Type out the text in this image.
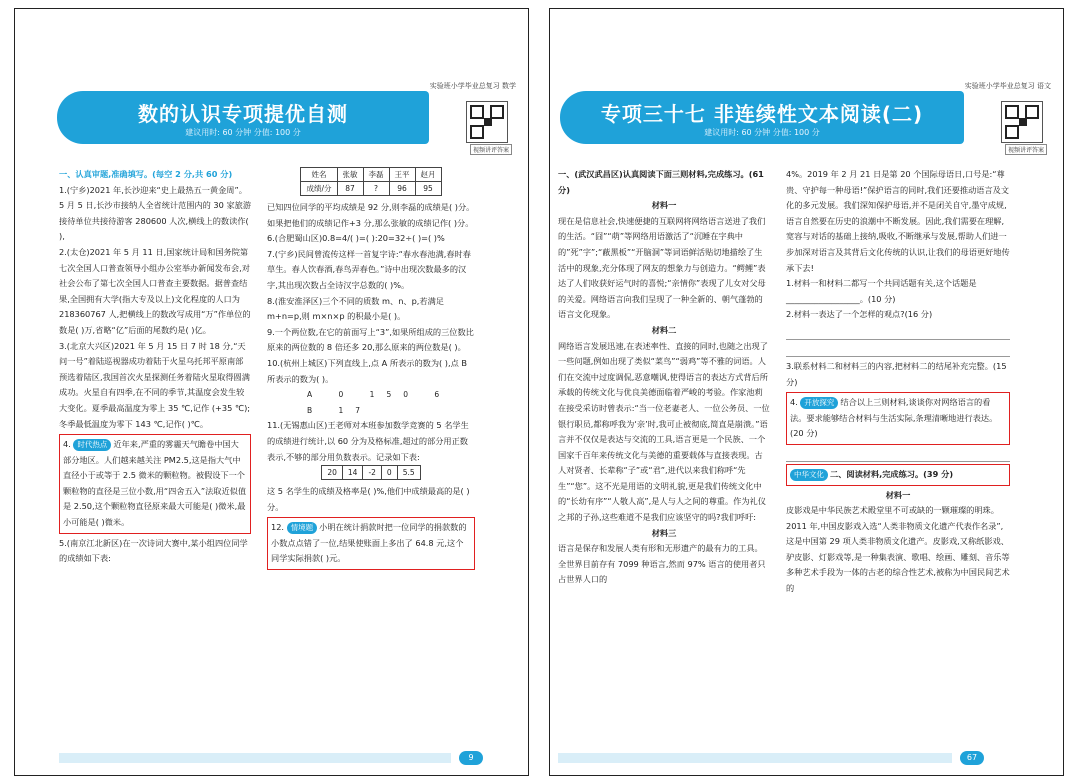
实验班小学毕业总复习 数学
数的认识专项提优自测
建议用时: 60 分钟 分值: 100 分
视频讲评答案

一、认真审题,准确填写。(每空 2 分,共 60 分)

1.(宁乡)2021 年,长沙迎来“史上最热五一黄金周”。5 月 5 日,长沙市接纳人全省统计范围内的 30 家旅游接待单位共接待游客 280600 人次,横线上的数读作( ),

2.(太仓)2021 年 5 月 11 日,国家统计局和国务院第七次全国人口普查领导小组办公室举办新闻发布会,对社会公布了第七次全国人口普查主要数据。据普查结果,全国拥有大学(指大专及以上)文化程度的人口为 218360767 人,把横线上的数改写成用“万”作单位的数是( )万,省略“亿”后面的尾数约是( )亿。

3.(北京大兴区)2021 年 5 月 15 日 7 时 18 分,“天问一号”着陆巡视器成功着陆于火星乌托邦平原南部预选着陆区,我国首次火星探测任务着陆火星取得圆满成功。火星自有四季,在不同的季节,其温度会发生较大变化。夏季最高温度为零上 35 ℃,记作 (+35 ℃);冬季最低温度为零下 143 ℃,记作( )℃。

4. 时代热点 近年来,严重的雾霾天气瞻卷中国大部分地区。人们越来越关注 PM2.5,这是指大气中直径小于或等于 2.5 微米的颗粒物。被假设下一个颗粒物的直径是三位小数,用“四舍五入”法取近似值是 2.50,这个颗粒物直径原来最大可能是( )微米,最小可能是( )微米。

5.(南京江北新区)在一次诗词大赛中,某小组四位同学的成绩如下表:

姓名	张敏	李磊	王平	赵月
成绩/分	87	?	96	95

已知四位同学的平均成绩是 92 分,则李磊的成绩是( )分。如果把他们的成绩记作+3 分,那么张敏的成绩记作( )分。

6.(合肥蜀山区)0.8=4/( )=( ):20=32÷( )=( )%

7.(宁乡)民间曾流传这样一首复字诗:“春水春池满,春时春草生。春人饮春酒,春鸟弄春色。”诗中出现次数最多的汉字,其出现次数占全诗汉字总数的( )%。

8.(淮安淮泽区)三个不同的质数 m、n、p,若满足 m+n=p,则 m×n×p 的积最小是( )。

9.一个两位数,在它的前面写上“3”,如果所组成的三位数比原来的两位数的 8 倍还多 20,那么原来的两位数是( )。

10.(杭州上城区)下列直线上,点 A 所表示的数为( ),点 B 所表示的数为( )。

A 0 150 6 B 17

11.(无锡惠山区)王老师对本班参加数学竞赛的 5 名学生的成绩进行统计,以 60 分为及格标准,超过的部分用正数表示,不够的部分用负数表示。记录如下表:

20	14	-2	0	5.5

这 5 名学生的成绩及格率是( )%,他们中成绩最高的是( )分。

12. 情境题 小明在统计捐款时把一位同学的捐款数的小数点点错了一位,结果使账面上多出了 64.8 元,这个同学实际捐款( )元。

9
实验班小学毕业总复习 语文
专项三十七 非连续性文本阅读(二)
建议用时: 60 分钟 分值: 100 分
视频讲评答案

一、(武汉武昌区)认真阅读下面三则材料,完成练习。(61 分)

材料一

现在是信息社会,快速便捷的互联网将网络语言送进了我们的生活。“囧”“萌”等网络用语激活了“沉睡在字典中的”死”字”;“蔽黑板”“开脑洞”等词语鲜活贴切地描绘了生活中的现象,充分体现了网友的想象力与创造力。“鳄鲤”表达了人们收获好运气时的喜悦;“亲情你”表现了儿女对父母的关爱。网络语言向我们呈现了一种全新的、朝气蓬勃的语言文化现象。

材料二

网络语言发展迅速,在表述率性、直接的同时,也随之出现了一些问题,例如出现了类似“菜鸟”“弱鸡”等不雅的词语。人们在交流中过度调侃,恶意嘲讽,使得语言的表达方式背后所承载的传统文化与优良美德面临着严峻的考验。作家池莉在接受采访时曾表示:“当一位老妻老人、一位公务员、一位银行职员,都称呼我为‘亲’时,我可止被彻底,简直是崩溃。”语言并不仅仅是表达与交流的工具,语言更是一个民族、一个国家千百年来传统文化与美德的重要载体与直接表现。古人对贤者、长辈称“子”或“君”,进代以来我们称呼“先生”“您”。这不光是用语的文明礼貌,更是我们传统文化中的“长幼有序”“人敬人高”,是人与人之间的尊重。作为礼仪之邦的子孙,这些难道不是我们应该坚守的吗?我们呼吁:

材料三

语言是保存和发展人类有形和无形遗产的最有力的工具。全世界目前存有 7099 种语言,然而 97% 语言的使用者只占世界人口的

4%。2019 年 2 月 21 日是第 20 个国际母语日,口号是:“尊贵、守护每一种母语!”保护语言的同时,我们还要推动语言及文化的多元发展。我们深知保护母语,并不是闭关自守,墨守成规,语言自然要在历史的浪潮中不断发展。因此,我们需要在理解,宽容与对话的基础上接纳,吸收,不断继承与发展,帮助人们进一步加深对语言及其背后文化传统的认识,让我们的母语更好地传承下去!

1.材料一和材料二都写一个共同话题有关,这个话题是__________________。(10 分)

2.材料一表达了一个怎样的观点?(16 分)

3.联系材料二和材料三的内容,把材料二的结尾补充完整。(15 分)

4. 开放探究 结合以上三则材料,谈谈你对网络语言的看法。要求能够结合材料与生活实际,条理清晰地进行表达。(20 分)

中华文化 二、阅读材料,完成练习。(39 分)

材料一

皮影戏是中华民族艺术殿堂里不可或缺的一颗璀璨的明珠。2011 年,中国皮影戏入选“人类非物质文化遗产代表作名录”,这是中国第 29 项人类非物质文化遗产。皮影戏,又称纸影戏、驴皮影、灯影戏等,是一种集表演、歌唱、绘画、雕刻、音乐等多种艺术手段为一体的古老的综合性艺术,被称为中国民间艺术的

67
